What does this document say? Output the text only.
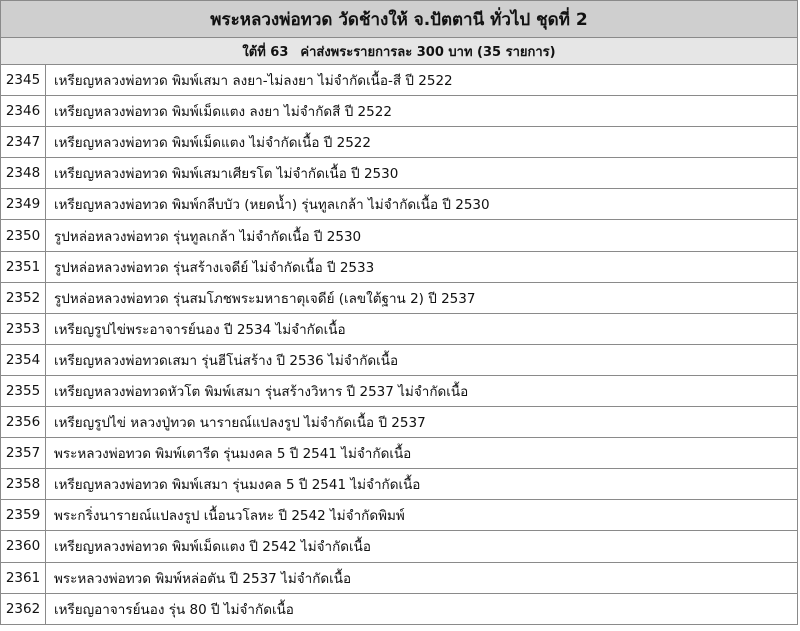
พระหลวงพ่อทวด วัดช้างให้ จ.ปัตตานี ทั่วไป ชุดที่ 2
ใต้ที่ 63 ค่าส่งพระรายการละ 300 บาท (35 รายการ)
2345	เหรียญหลวงพ่อทวด พิมพ์เสมา ลงยา-ไม่ลงยา ไม่จำกัดเนื้อ-สี ปี 2522
2346	เหรียญหลวงพ่อทวด พิมพ์เม็ดแตง ลงยา ไม่จำกัดสี ปี 2522
2347	เหรียญหลวงพ่อทวด พิมพ์เม็ดแตง ไม่จำกัดเนื้อ ปี 2522
2348	เหรียญหลวงพ่อทวด พิมพ์เสมาเศียรโต ไม่จำกัดเนื้อ ปี 2530
2349	เหรียญหลวงพ่อทวด พิมพ์กลีบบัว (หยดน้ำ) รุ่นทูลเกล้า ไม่จำกัดเนื้อ ปี 2530
2350	รูปหล่อหลวงพ่อทวด รุ่นทูลเกล้า ไม่จำกัดเนื้อ ปี 2530
2351	รูปหล่อหลวงพ่อทวด รุ่นสร้างเจดีย์ ไม่จำกัดเนื้อ ปี 2533
2352	รูปหล่อหลวงพ่อทวด รุ่นสมโภชพระมหาธาตุเจดีย์ (เลขใต้ฐาน 2) ปี 2537
2353	เหรียญรูปไข่พระอาจารย์นอง ปี 2534 ไม่จำกัดเนื้อ
2354	เหรียญหลวงพ่อทวดเสมา รุ่นฮีโน่สร้าง ปี 2536 ไม่จำกัดเนื้อ
2355	เหรียญหลวงพ่อทวดหัวโต พิมพ์เสมา รุ่นสร้างวิหาร ปี 2537 ไม่จำกัดเนื้อ
2356	เหรียญรูปไข่ หลวงปู่ทวด นารายณ์แปลงรูป ไม่จำกัดเนื้อ ปี 2537
2357	พระหลวงพ่อทวด พิมพ์เตารีด รุ่นมงคล 5 ปี 2541 ไม่จำกัดเนื้อ
2358	เหรียญหลวงพ่อทวด พิมพ์เสมา รุ่นมงคล 5 ปี 2541 ไม่จำกัดเนื้อ
2359	พระกริ่งนารายณ์แปลงรูป เนื้อนวโลหะ ปี 2542 ไม่จำกัดพิมพ์
2360	เหรียญหลวงพ่อทวด พิมพ์เม็ดแตง ปี 2542 ไม่จำกัดเนื้อ
2361	พระหลวงพ่อทวด พิมพ์หล่อตัน ปี 2537 ไม่จำกัดเนื้อ
2362	เหรียญอาจารย์นอง รุ่น 80 ปี ไม่จำกัดเนื้อ
